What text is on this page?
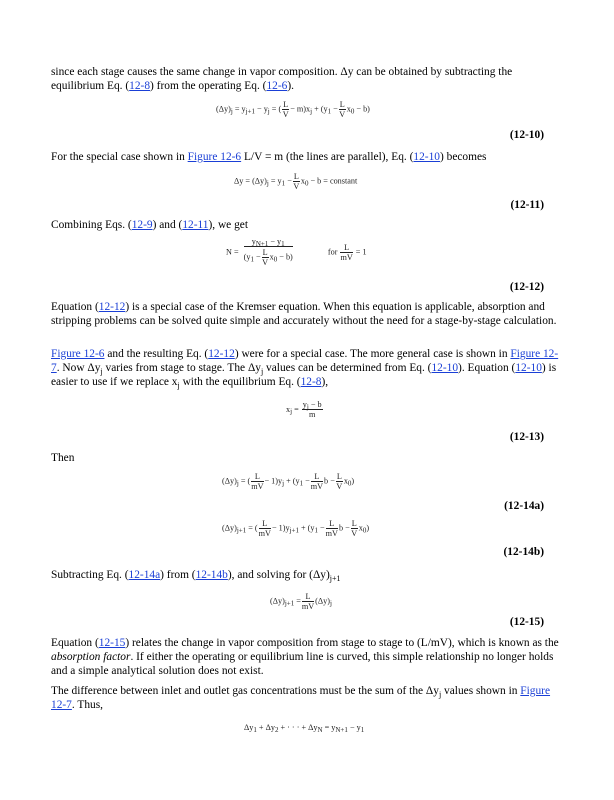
since each stage causes the same change in vapor composition. Δy can be obtained by subtracting the equilibrium Eq. (12-8) from the operating Eq. (12-6).
$(\Delta y)_j = y_{j+1} - y_j$ = ( $\frac{L}{V} - m)x_j + (y_1 - \frac{L}{V} x_0 - b)$
(12-10)
For the special case shown in Figure 12-6 L/V = m (the lines are parallel), Eq. (12-10) becomes
$\Delta y = (\Delta y)_j = y_1 - \frac{L}{V} x_0 - b$ = constant
(12-11)
Combining Eqs. (12-9) and (12-11), we get
N =
$y_{N+1} - y_1$
$(y_1 - \frac{L}{V} x_0 - b)$
for $\frac{L}{mV} = 1$
(12-12)
Equation (12-12) is a special case of the Kremser equation. When this equation is applicable, absorption and stripping problems can be solved quite simple and accurately without the need for a stage-by-stage calculation.
Figure 12-6 and the resulting Eq. (12-12) were for a special case. The more general case is shown in Figure 12-7. Now $\Delta y_j$ varies from stage to stage. The $\Delta y_j$ values can be determined from Eq. (12-10). Equation (12-10) is easier to use if we replace $x_j$ with the equilibrium Eq. (12-8),
$x_j = \frac{y_j - b}{m}$
(12-13)
Then
$(\Delta y)_j$ = ( $\frac{L}{mV} - 1)y_j + (y_1 - \frac{L}{mV}$ $b - \frac{L}{V} x_0$)
(12-14a)
$(\Delta y)_{j+1}$ = ( $\frac{L}{mV} - 1)y_{j+1} + (y_1 - \frac{L}{mV}$ $b - \frac{L}{V} x_0$)
(12-14b)
Subtracting Eq. (12-14a) from (12-14b), and solving for $(\Delta y)_{j+1}$
$(\Delta y)_{j+1} = \frac{L}{mV} (\Delta y)_j$
(12-15)
Equation (12-15) relates the change in vapor composition from stage to stage to (L/mV), which is known as the absorption factor. If either the operating or equilibrium line is curved, this simple relationship no longer holds and a simple analytical solution does not exist.
The difference between inlet and outlet gas concentrations must be the sum of the $\Delta y_j$ values shown in Figure 12-7. Thus,
$\Delta y_1 + \Delta y_2$ + · · · + $\Delta y_N = y_{N+1} - y_1$
